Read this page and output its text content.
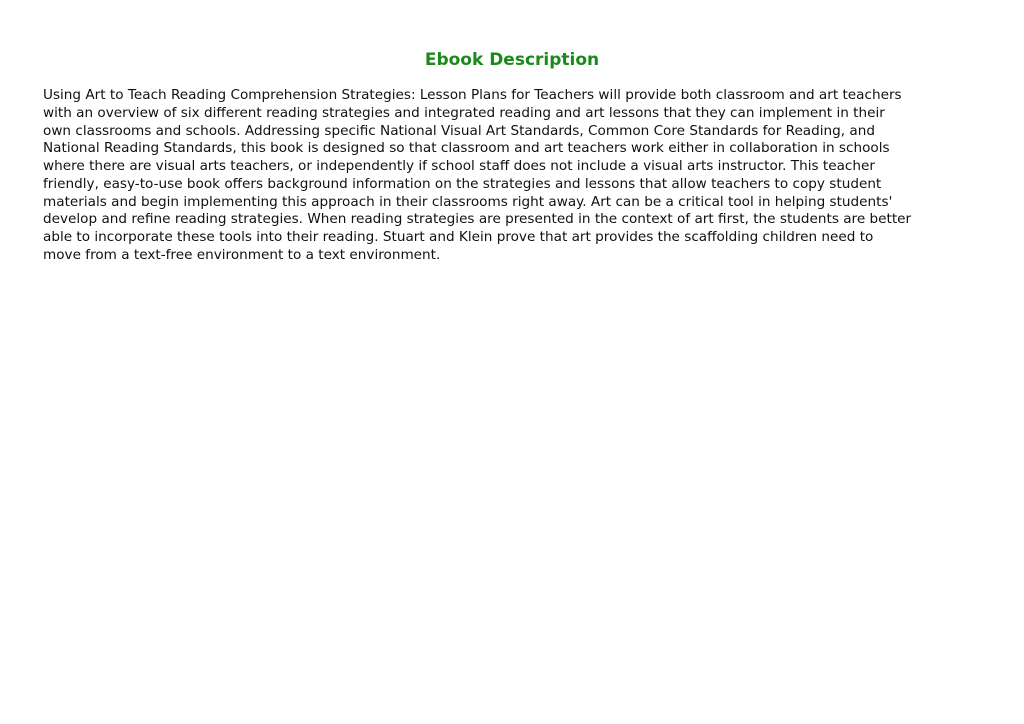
Ebook Description
Using Art to Teach Reading Comprehension Strategies: Lesson Plans for Teachers will provide both classroom and art teachers
with an overview of six different reading strategies and integrated reading and art lessons that they can implement in their
own classrooms and schools. Addressing specific National Visual Art Standards, Common Core Standards for Reading, and
National Reading Standards, this book is designed so that classroom and art teachers work either in collaboration in schools
where there are visual arts teachers, or independently if school staff does not include a visual arts instructor. This teacher
friendly, easy-to-use book offers background information on the strategies and lessons that allow teachers to copy student
materials and begin implementing this approach in their classrooms right away. Art can be a critical tool in helping students'
develop and refine reading strategies. When reading strategies are presented in the context of art first, the students are better
able to incorporate these tools into their reading. Stuart and Klein prove that art provides the scaffolding children need to
move from a text-free environment to a text environment.
